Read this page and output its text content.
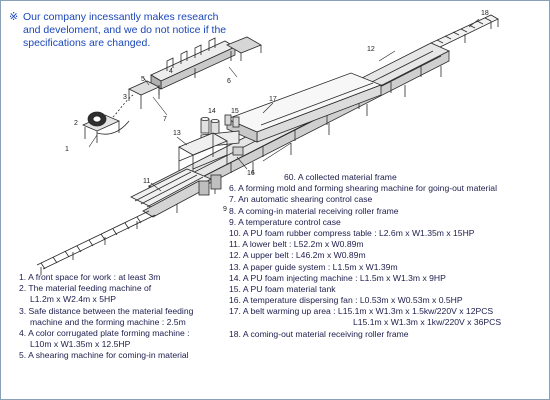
※ Our company incessantly makes research
and develoment, and we do not notice if the
specifications are changed.
1
2
3
4
5	6
7
9
11
12
13
14 15
16
17
18
60. A collected material frame
6. A forming mold and forming shearing machine for going-out material
7. An automatic shearing control case
8. A coming-in material receiving roller frame
9. A temperature control case
10. A PU foam rubber compress table : L2.6m x W1.35m x 15HP
11. A lower belt : L52.2m x W0.89m
12. A upper belt : L46.2m x W0.89m
13. A paper guide system : L1.5m x W1.39m
14. A PU foam injecting machine : L1.5m x W1.3m x 9HP
15. A PU foam material tank
16. A temperature dispersing fan : L0.53m x W0.53m x 0.5HP
17. A belt warming up area : L15.1m x W1.3m x 1.5kw/220V x 12PCS
L15.1m x W1.3m x 1kw/220V x 36PCS
18. A coming-out material receiving roller frame
1. A front space for work : at least 3m
2. The material feeding machine of
L1.2m x W2.4m x 5HP
3. Safe distance between the material feeding
machine and the forming machine : 2.5m
4. A color corrugated plate forming machine :
L10m x W1.35m x 12.5HP
5. A shearing machine for coming-in material
